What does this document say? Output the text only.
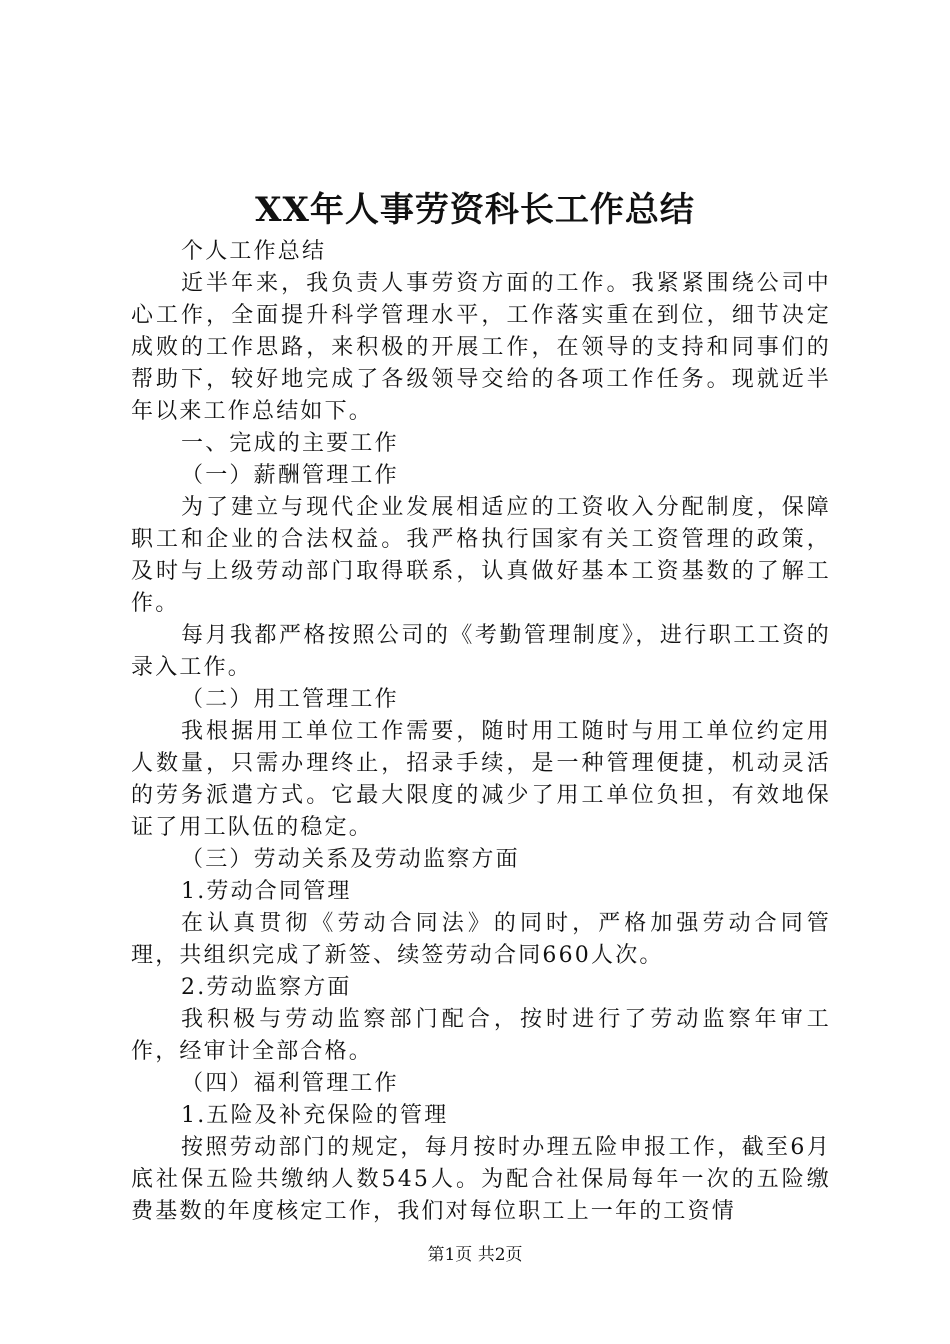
XX年人事劳资科长工作总结

个人工作总结

近半年来，我负责人事劳资方面的工作。我紧紧围绕公司中心工作，全面提升科学管理水平，工作落实重在到位，细节决定成败的工作思路，来积极的开展工作，在领导的支持和同事们的帮助下，较好地完成了各级领导交给的各项工作任务。现就近半年以来工作总结如下。

一、完成的主要工作

（一）薪酬管理工作

为了建立与现代企业发展相适应的工资收入分配制度，保障职工和企业的合法权益。我严格执行国家有关工资管理的政策，及时与上级劳动部门取得联系，认真做好基本工资基数的了解工作。

每月我都严格按照公司的《考勤管理制度》，进行职工工资的录入工作。

（二）用工管理工作

我根据用工单位工作需要，随时用工随时与用工单位约定用人数量，只需办理终止，招录手续，是一种管理便捷，机动灵活的劳务派遣方式。它最大限度的减少了用工单位负担，有效地保证了用工队伍的稳定。

（三）劳动关系及劳动监察方面

1.劳动合同管理

在认真贯彻《劳动合同法》的同时，严格加强劳动合同管理，共组织完成了新签、续签劳动合同660人次。

2.劳动监察方面

我积极与劳动监察部门配合，按时进行了劳动监察年审工作，经审计全部合格。

（四）福利管理工作

1.五险及补充保险的管理

按照劳动部门的规定，每月按时办理五险申报工作，截至6月底社保五险共缴纳人数545人。为配合社保局每年一次的五险缴费基数的年度核定工作，我们对每位职工上一年的工资情

第1页 共2页
